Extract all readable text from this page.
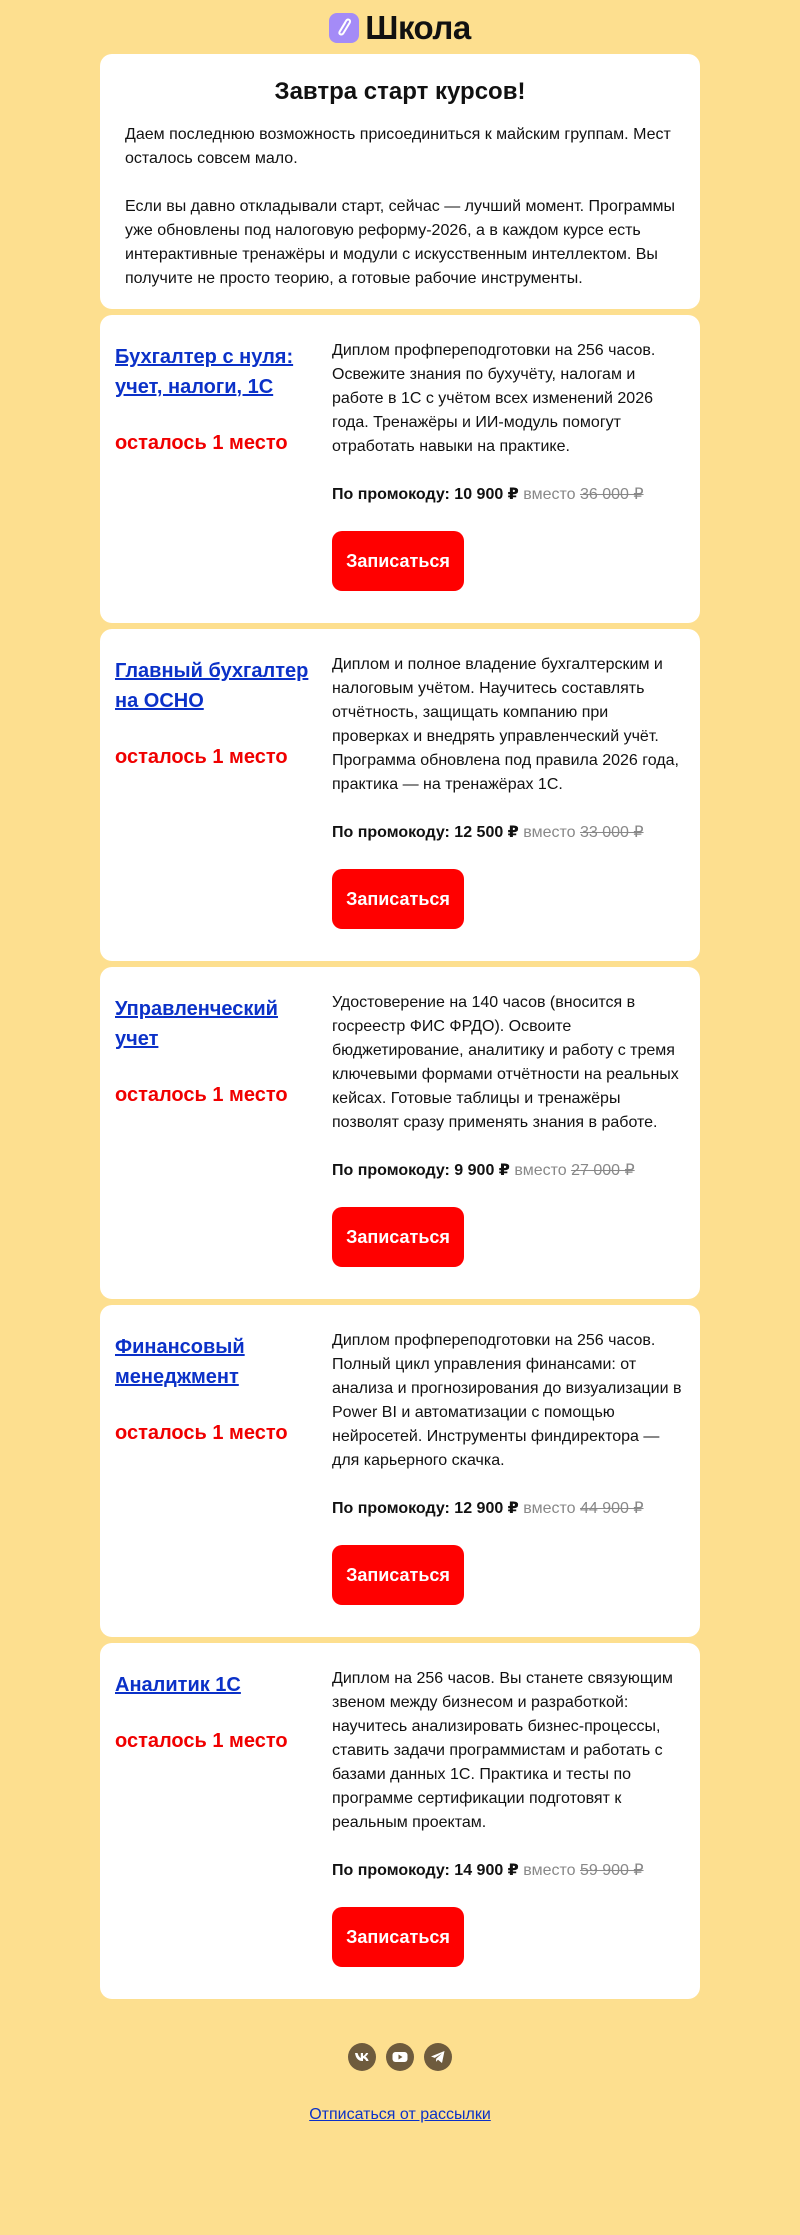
Школа
Завтра старт курсов!

Даем последнюю возможность присоединиться к майским группам. Мест осталось совсем мало.

Если вы давно откладывали старт, сейчас — лучший момент. Программы уже обновлены под налоговую реформу-2026, а в каждом курсе есть интерактивные тренажёры и модули с искусственным интеллектом. Вы получите не просто теорию, а готовые рабочие инструменты.

Бухгалтер с нуля: учет, налоги, 1С
осталось 1 место
Диплом профпереподготовки на 256 часов. Освежите знания по бухучёту, налогам и работе в 1С с учётом всех изменений 2026 года. Тренажёры и ИИ-модуль помогут отработать навыки на практике.
По промокоду: 10 900 ₽ вместо 36 000 ₽
Записаться
Главный бухгалтер на ОСНО
осталось 1 место
Диплом и полное владение бухгалтерским и налоговым учётом. Научитесь составлять отчётность, защищать компанию при проверках и внедрять управленческий учёт. Программа обновлена под правила 2026 года, практика — на тренажёрах 1С.
По промокоду: 12 500 ₽ вместо 33 000 ₽
Записаться
Управленческий учет
осталось 1 место
Удостоверение на 140 часов (вносится в госреестр ФИС ФРДО). Освоите бюджетирование, аналитику и работу с тремя ключевыми формами отчётности на реальных кейсах. Готовые таблицы и тренажёры позволят сразу применять знания в работе.
По промокоду: 9 900 ₽ вместо 27 000 ₽
Записаться
Финансовый менеджмент
осталось 1 место
Диплом профпереподготовки на 256 часов. Полный цикл управления финансами: от анализа и прогнозирования до визуализации в Power BI и автоматизации с помощью нейросетей. Инструменты финдиректора — для карьерного скачка.
По промокоду: 12 900 ₽ вместо 44 900 ₽
Записаться
Аналитик 1С
осталось 1 место
Диплом на 256 часов. Вы станете связующим звеном между бизнесом и разработкой: научитесь анализировать бизнес-процессы, ставить задачи программистам и работать с базами данных 1С. Практика и тесты по программе сертификации подготовят к реальным проектам.
По промокоду: 14 900 ₽ вместо 59 900 ₽
Записаться
Отписаться от рассылки
